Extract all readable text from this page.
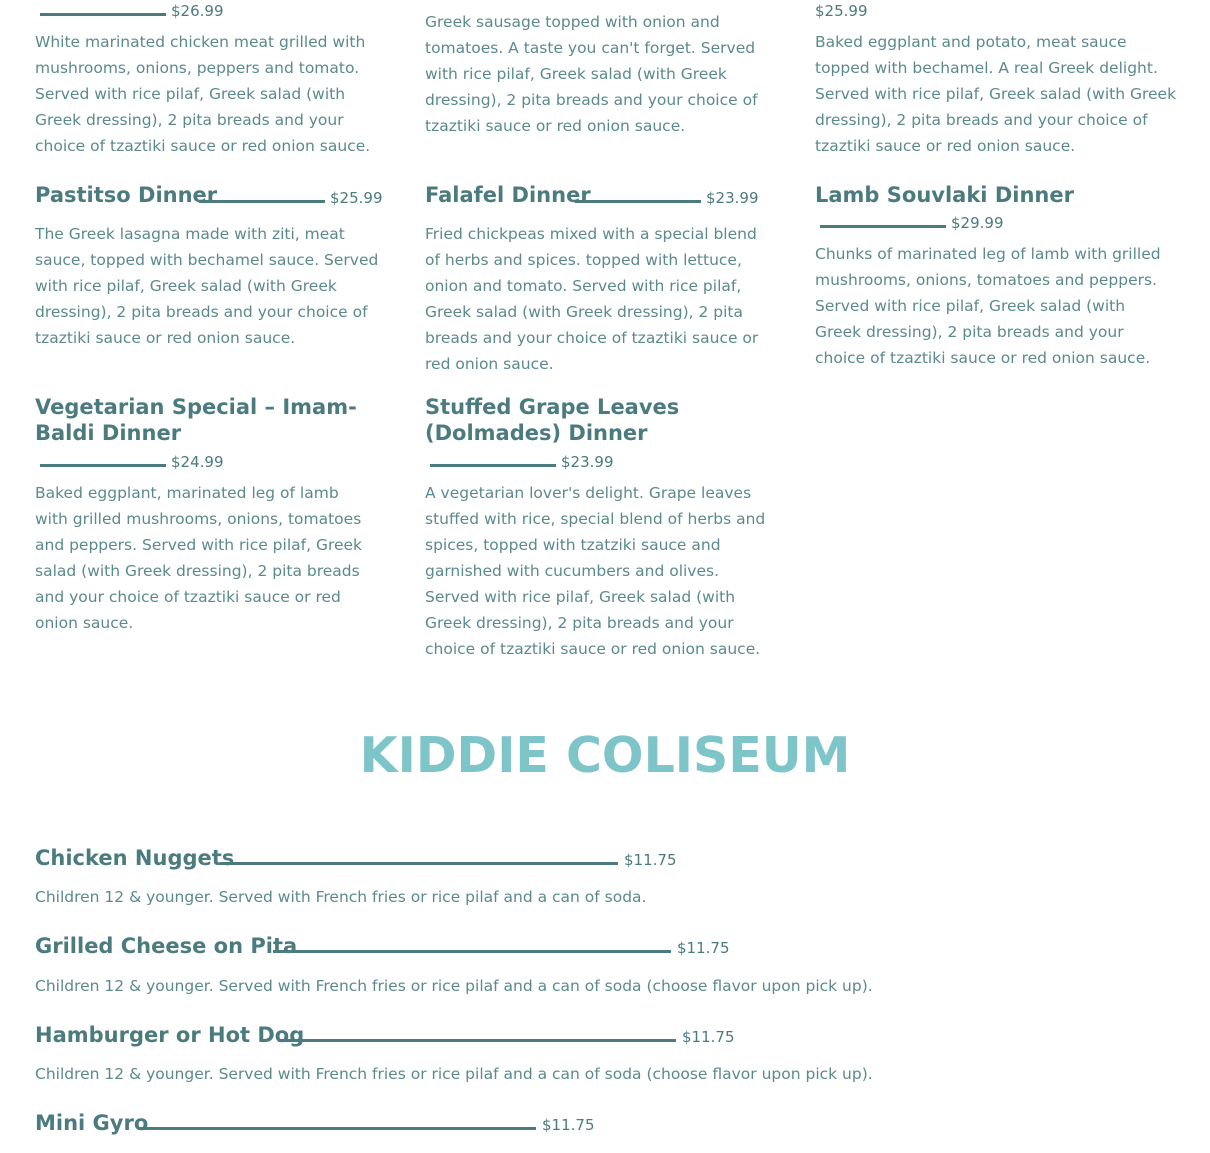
$26.99

White marinated chicken meat grilled with mushrooms, onions, peppers and tomato. Served with rice pilaf, Greek salad (with Greek dressing), 2 pita breads and your choice of tzaztiki sauce or red onion sauce.

Greek sausage topped with onion and tomatoes. A taste you can't forget. Served with rice pilaf, Greek salad (with Greek dressing), 2 pita breads and your choice of tzaztiki sauce or red onion sauce.

$25.99

Baked eggplant and potato, meat sauce topped with bechamel. A real Greek delight. Served with rice pilaf, Greek salad (with Greek dressing), 2 pita breads and your choice of tzaztiki sauce or red onion sauce.

Pastitso Dinner	$25.99

The Greek lasagna made with ziti, meat sauce, topped with bechamel sauce. Served with rice pilaf, Greek salad (with Greek dressing), 2 pita breads and your choice of tzaztiki sauce or red onion sauce.

Falafel Dinner	$23.99

Fried chickpeas mixed with a special blend of herbs and spices. topped with lettuce, onion and tomato. Served with rice pilaf, Greek salad (with Greek dressing), 2 pita breads and your choice of tzaztiki sauce or red onion sauce.

Lamb Souvlaki Dinner
$29.99

Chunks of marinated leg of lamb with grilled mushrooms, onions, tomatoes and peppers. Served with rice pilaf, Greek salad (with Greek dressing), 2 pita breads and your choice of tzaztiki sauce or red onion sauce.

Vegetarian Special – Imam-Baldi Dinner
$24.99

Baked eggplant, marinated leg of lamb with grilled mushrooms, onions, tomatoes and peppers. Served with rice pilaf, Greek salad (with Greek dressing), 2 pita breads and your choice of tzaztiki sauce or red onion sauce.

Stuffed Grape Leaves (Dolmades) Dinner
$23.99

A vegetarian lover's delight. Grape leaves stuffed with rice, special blend of herbs and spices, topped with tzatziki sauce and garnished with cucumbers and olives. Served with rice pilaf, Greek salad (with Greek dressing), 2 pita breads and your choice of tzaztiki sauce or red onion sauce.

KIDDIE COLISEUM
Chicken Nuggets	$11.75

Children 12 & younger. Served with French fries or rice pilaf and a can of soda.

Grilled Cheese on Pita	$11.75

Children 12 & younger. Served with French fries or rice pilaf and a can of soda (choose flavor upon pick up).

Hamburger or Hot Dog	$11.75

Children 12 & younger. Served with French fries or rice pilaf and a can of soda (choose flavor upon pick up).

Mini Gyro	$11.75
